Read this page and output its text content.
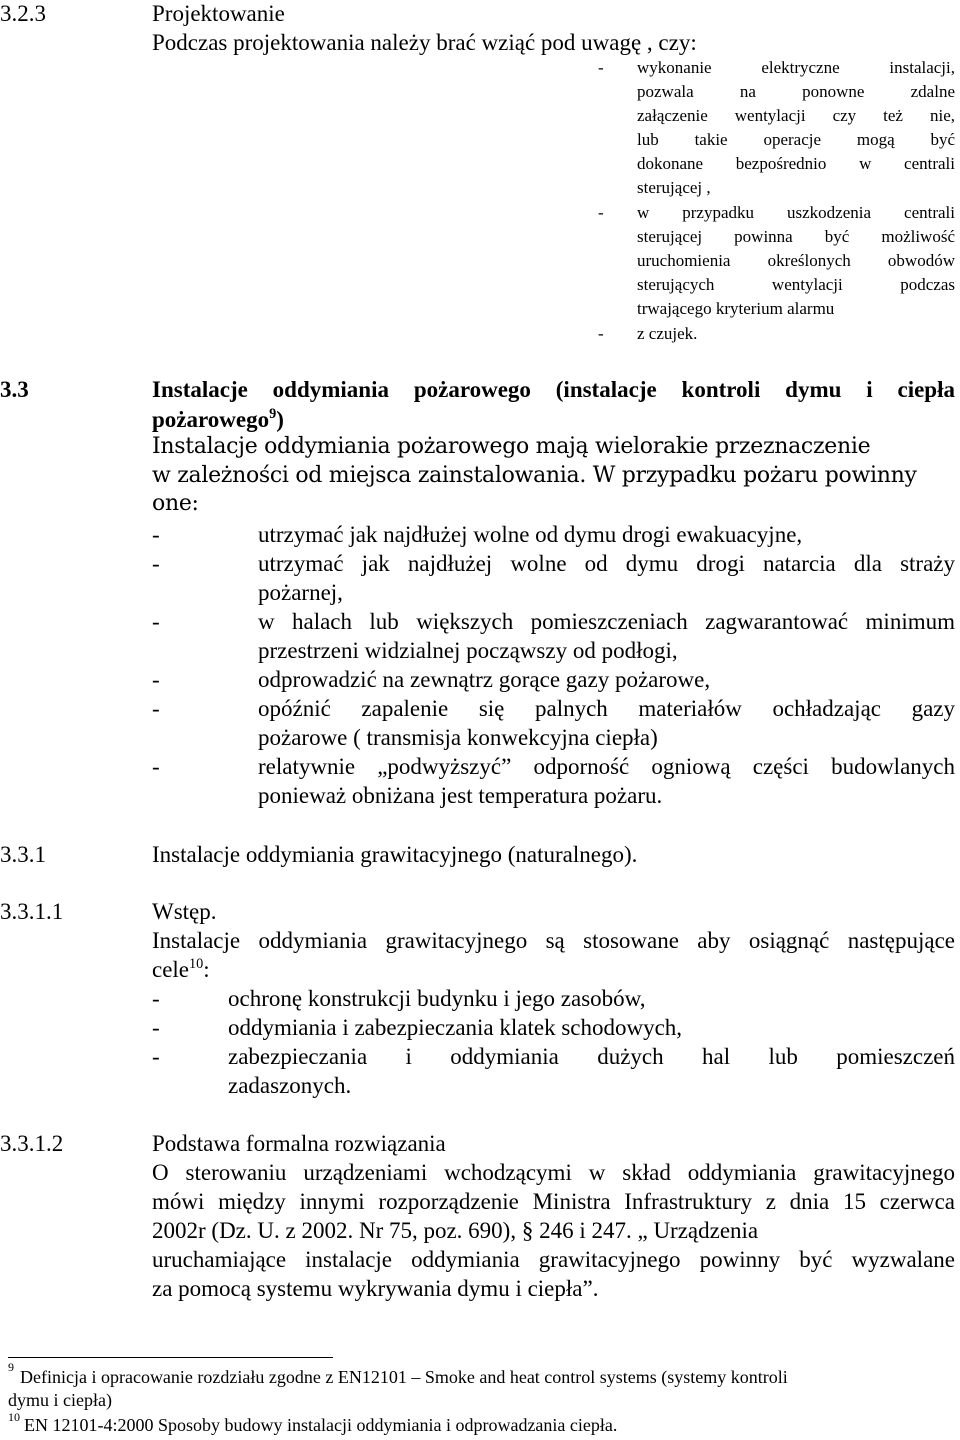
3.2.3	Projektowanie
Podczas projektowania należy brać wziąć pod uwagę , czy:
- wykonanie elektryczne instalacji,
pozwala na ponowne zdalne
załączenie wentylacji czy też nie,
lub takie operacje mogą być
dokonane bezpośrednio w centrali
sterującej ,
- w przypadku uszkodzenia centrali
sterującej powinna być możliwość
uruchomienia określonych obwodów
sterujących wentylacji podczas
trwającego kryterium alarmu
- z czujek.
3.3	Instalacje oddymiania pożarowego (instalacje kontroli dymu i ciepła
pożarowego$^9$)
Instalacje oddymiania pożarowego mają wielorakie przeznaczenie
w zależności od miejsca zainstalowania. W przypadku pożaru powinny one:
-	utrzymać jak najdłużej wolne od dymu drogi ewakuacyjne,
-	utrzymać jak najdłużej wolne od dymu drogi natarcia dla straży
pożarnej,
-	w halach lub większych pomieszczeniach zagwarantować minimum
przestrzeni widzialnej począwszy od podłogi,
-	odprowadzić na zewnątrz gorące gazy pożarowe,
-	opóźnić zapalenie się palnych materiałów ochładzając gazy
pożarowe ( transmisja konwekcyjna ciepła)
-	relatywnie „podwyższyć” odporność ogniową części budowlanych
ponieważ obniżana jest temperatura pożaru.
3.3.1	Instalacje oddymiania grawitacyjnego (naturalnego).
3.3.1.1	Wstęp.
Instalacje oddymiania grawitacyjnego są stosowane aby osiągnąć następujące
cele$^{10}$:
-	ochronę konstrukcji budynku i jego zasobów,
-	oddymiania i zabezpieczania klatek schodowych,
-	zabezpieczania i oddymiania dużych hal lub pomieszczeń
zadaszonych.
3.3.1.2	Podstawa formalna rozwiązania
O sterowaniu urządzeniami wchodzącymi w skład oddymiania grawitacyjnego
mówi między innymi rozporządzenie Ministra Infrastruktury z dnia 15 czerwca
2002r (Dz. U. z 2002. Nr 75, poz. 690), § 246 i 247. „ Urządzenia
uruchamiające instalacje oddymiania grawitacyjnego powinny być wyzwalane
za pomocą systemu wykrywania dymu i ciepła”.
9 Definicja i opracowanie rozdziału zgodne z EN12101 – Smoke and heat control systems (systemy kontroli
dymu i ciepła)
10 EN 12101-4:2000 Sposoby budowy instalacji oddymiania i odprowadzania ciepła.
